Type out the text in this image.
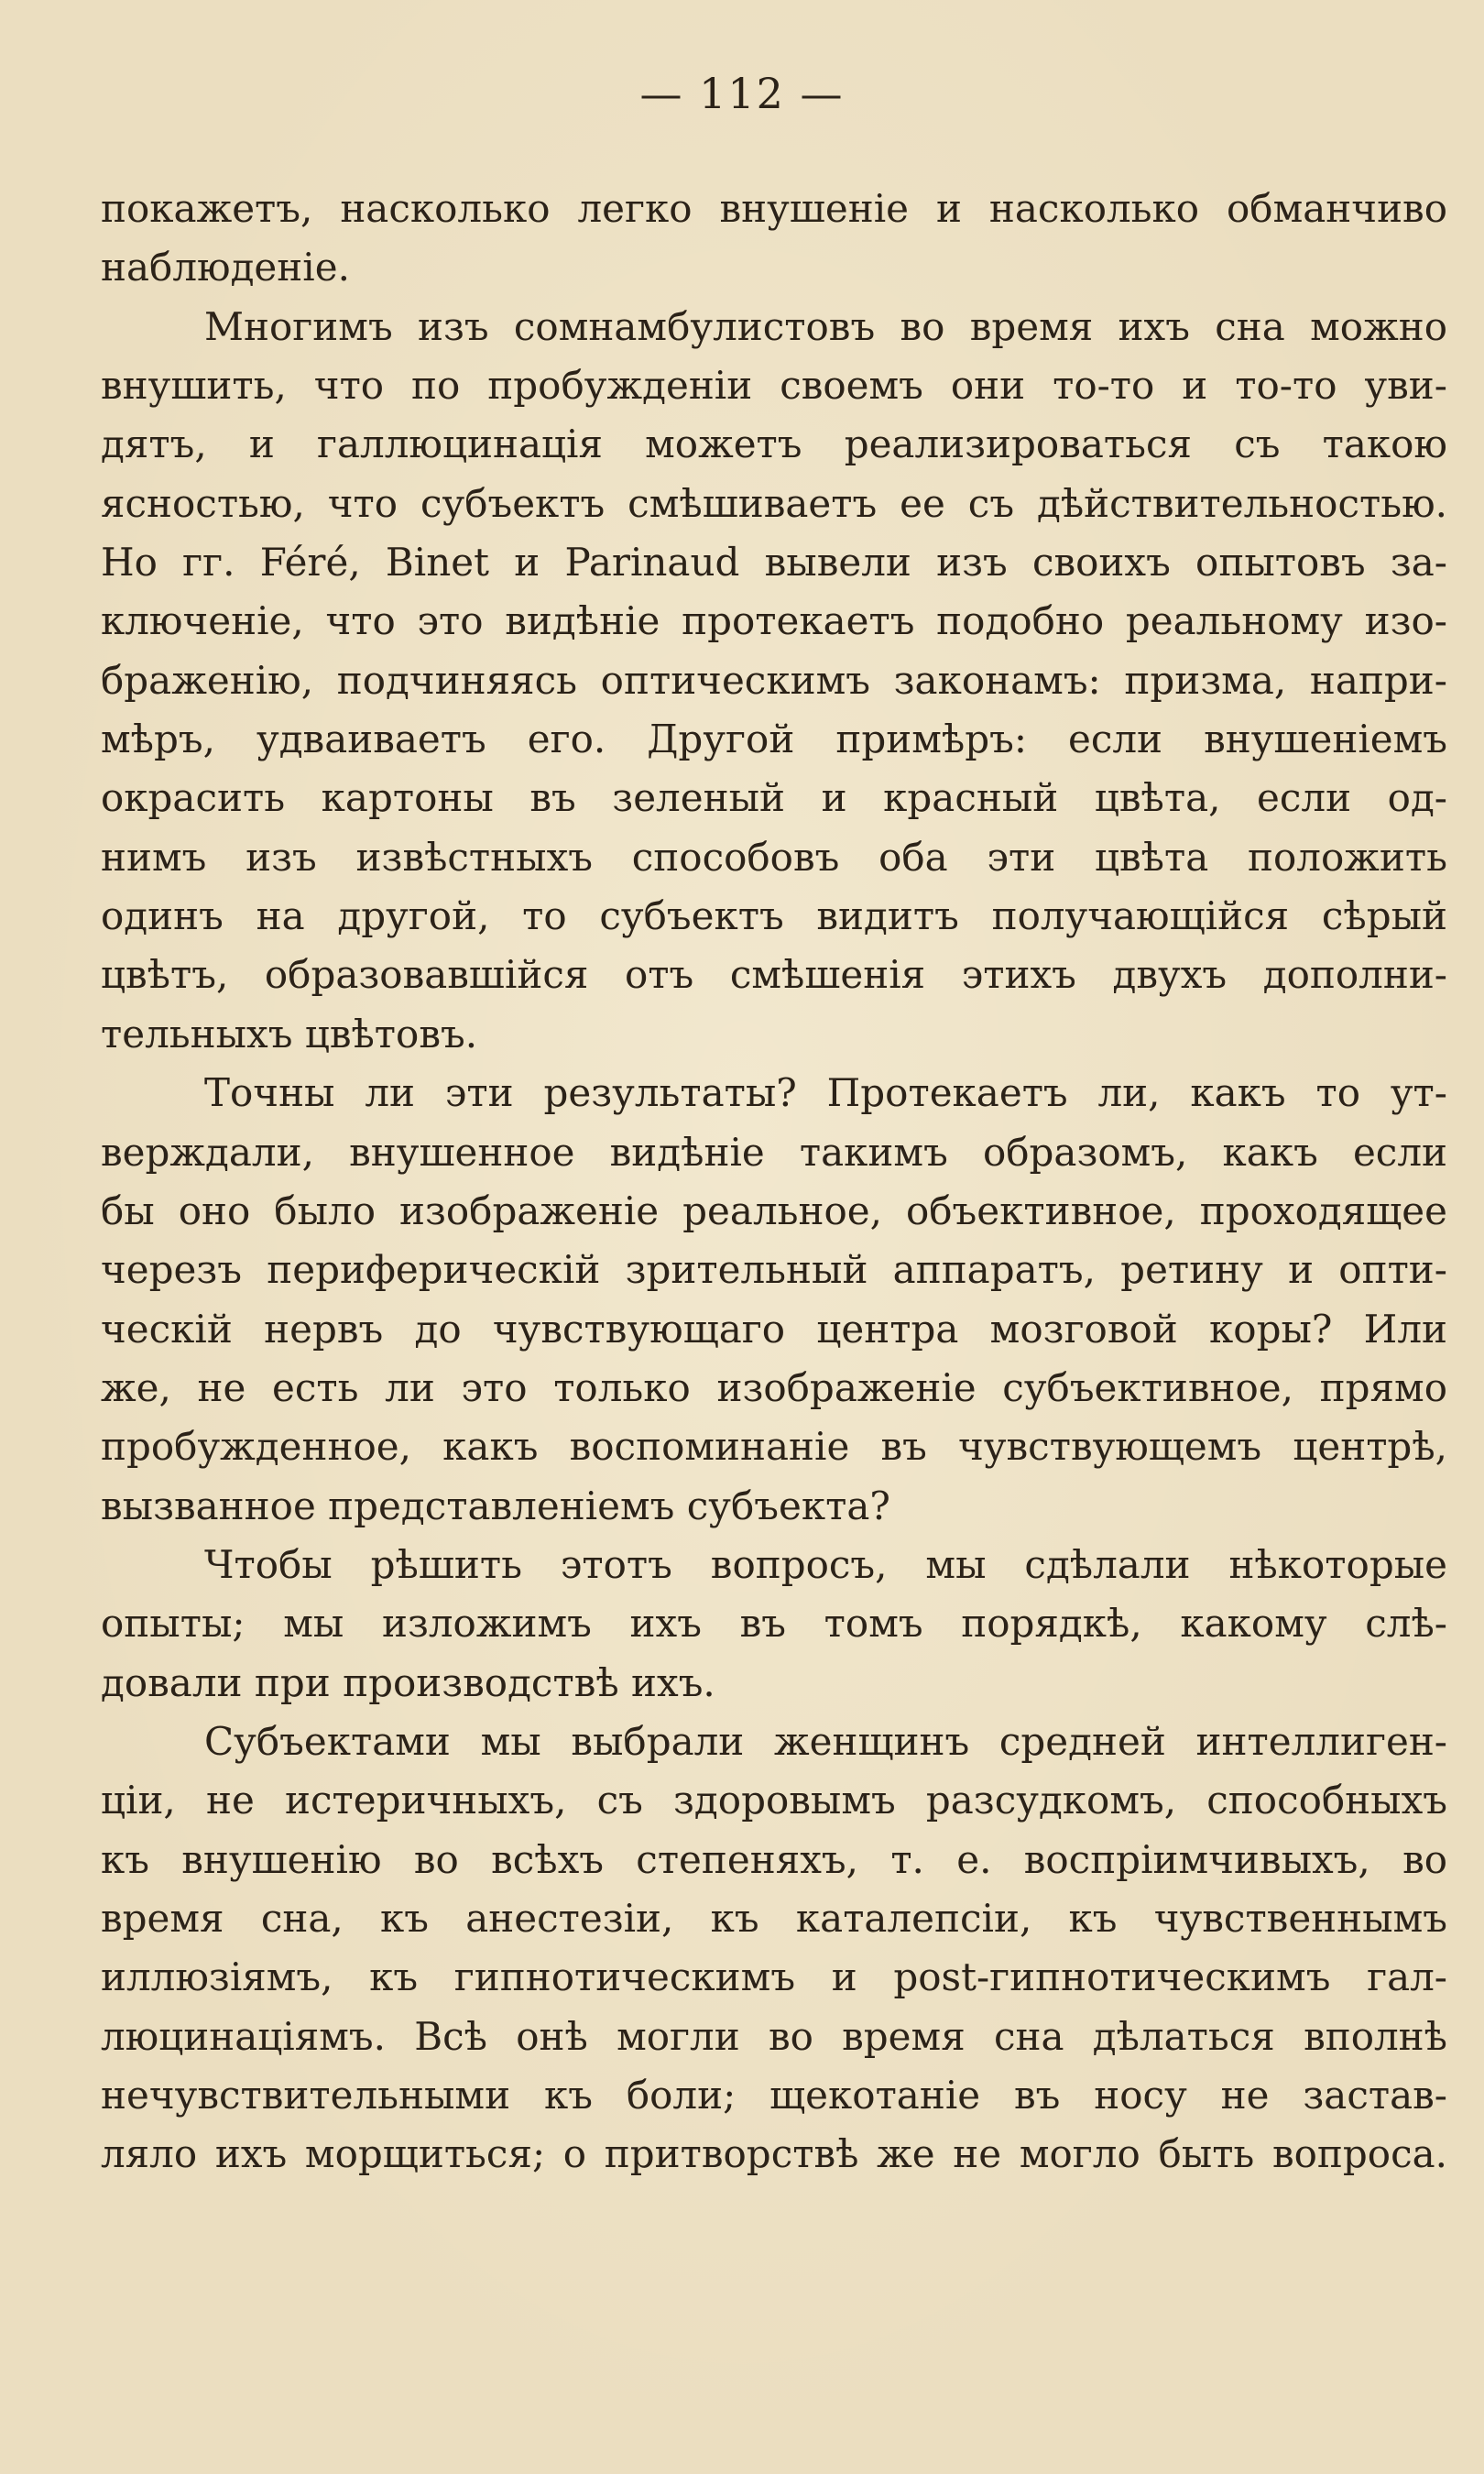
— 112 —
покажетъ, насколько легко внушеніе и насколько обманчиво
наблюденіе.
Многимъ изъ сомнамбулистовъ во время ихъ сна можно
внушить, что по пробужденіи своемъ они то-то и то-то уви-
дятъ, и галлюцинація можетъ реализироваться съ такою
ясностью, что субъектъ смѣшиваетъ ее съ дѣйствительностью.
Но гг. Féré, Binet и Parinaud вывели изъ своихъ опытовъ за-
ключеніе, что это видѣніе протекаетъ подобно реальному изо-
браженію, подчиняясь оптическимъ законамъ: призма, напри-
мѣръ, удваиваетъ его. Другой примѣръ: если внушеніемъ
окрасить картоны въ зеленый и красный цвѣта, если од-
нимъ изъ извѣстныхъ способовъ оба эти цвѣта положить
одинъ на другой, то субъектъ видитъ получающійся сѣрый
цвѣтъ, образовавшійся отъ смѣшенія этихъ двухъ дополни-
тельныхъ цвѣтовъ.
Точны ли эти результаты? Протекаетъ ли, какъ то ут-
верждали, внушенное видѣніе такимъ образомъ, какъ если
бы оно было изображеніе реальное, объективное, проходящее
черезъ периферическій зрительный аппаратъ, ретину и опти-
ческій нервъ до чувствующаго центра мозговой коры? Или
же, не есть ли это только изображеніе субъективное, прямо
пробужденное, какъ воспоминаніе въ чувствующемъ центрѣ,
вызванное представленіемъ субъекта?
Чтобы рѣшить этотъ вопросъ, мы сдѣлали нѣкоторые
опыты; мы изложимъ ихъ въ томъ порядкѣ, какому слѣ-
довали при производствѣ ихъ.
Субъектами мы выбрали женщинъ средней интеллиген-
ціи, не истеричныхъ, съ здоровымъ разсудкомъ, способныхъ
къ внушенію во всѣхъ степеняхъ, т. е. воспріимчивыхъ, во
время сна, къ анестезіи, къ каталепсіи, къ чувственнымъ
иллюзіямъ, къ гипнотическимъ и post-гипнотическимъ гал-
люцинаціямъ. Всѣ онѣ могли во время сна дѣлаться вполнѣ
нечувствительными къ боли; щекотаніе въ носу не застав-
ляло ихъ морщиться; о притворствѣ же не могло быть вопроса.
